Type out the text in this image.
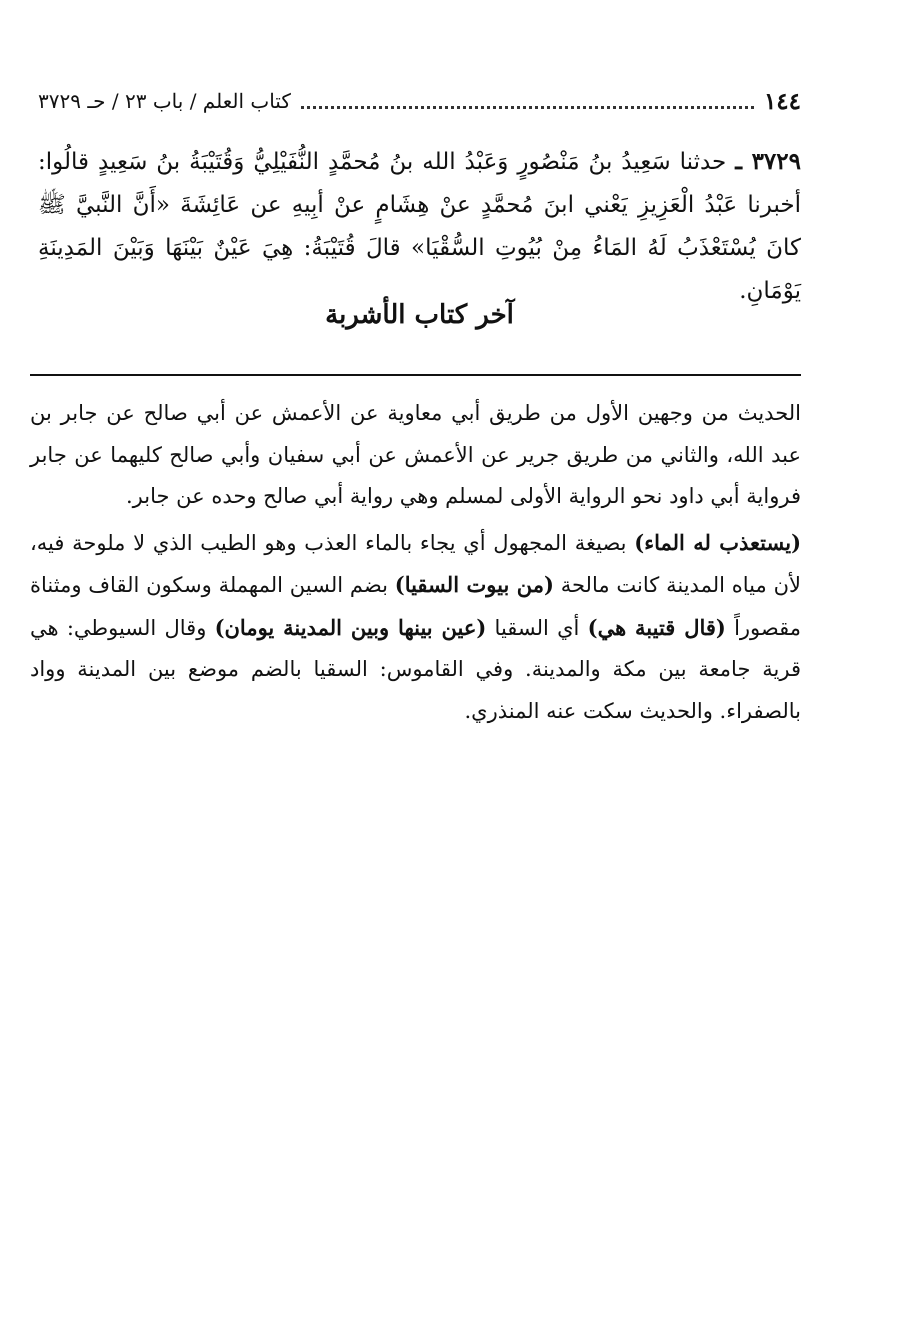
١٤٤
كتاب العلم / باب ٢٣ / حـ ٣٧٢٩

٣٧٢٩ ـ حدثنا سَعِيدُ بنُ مَنْصُورٍ وَعَبْدُ الله بنُ مُحمَّدٍ النُّفَيْلِيُّ وَقُتَيْبَةُ بنُ سَعِيدٍ قالُوا: أخبرنا عَبْدُ الْعَزِيزِ يَعْني ابنَ مُحمَّدٍ عنْ هِشَامٍ عنْ أبِيهِ عن عَائِشَةَ «أَنَّ النَّبيَّ ﷺ كانَ يُسْتَعْذَبُ لَهُ المَاءُ مِنْ بُيُوتِ السُّقْيَا» قالَ قُتَيْبَةُ: هِيَ عَيْنٌ بَيْنَهَا وَبَيْنَ المَدِينَةِ يَوْمَانِ.

آخر كتاب الأشربة

الحديث من وجهين الأول من طريق أبي معاوية عن الأعمش عن أبي صالح عن جابر بن عبد الله، والثاني من طريق جرير عن الأعمش عن أبي سفيان وأبي صالح كليهما عن جابر فرواية أبي داود نحو الرواية الأولى لمسلم وهي رواية أبي صالح وحده عن جابر.

(يستعذب له الماء) بصيغة المجهول أي يجاء بالماء العذب وهو الطيب الذي لا ملوحة فيه، لأن مياه المدينة كانت مالحة (من بيوت السقيا) بضم السين المهملة وسكون القاف ومثناة مقصوراً (قال قتيبة هي) أي السقيا (عين بينها وبين المدينة يومان) وقال السيوطي: هي قرية جامعة بين مكة والمدينة. وفي القاموس: السقيا بالضم موضع بين المدينة وواد بالصفراء. والحديث سكت عنه المنذري.
